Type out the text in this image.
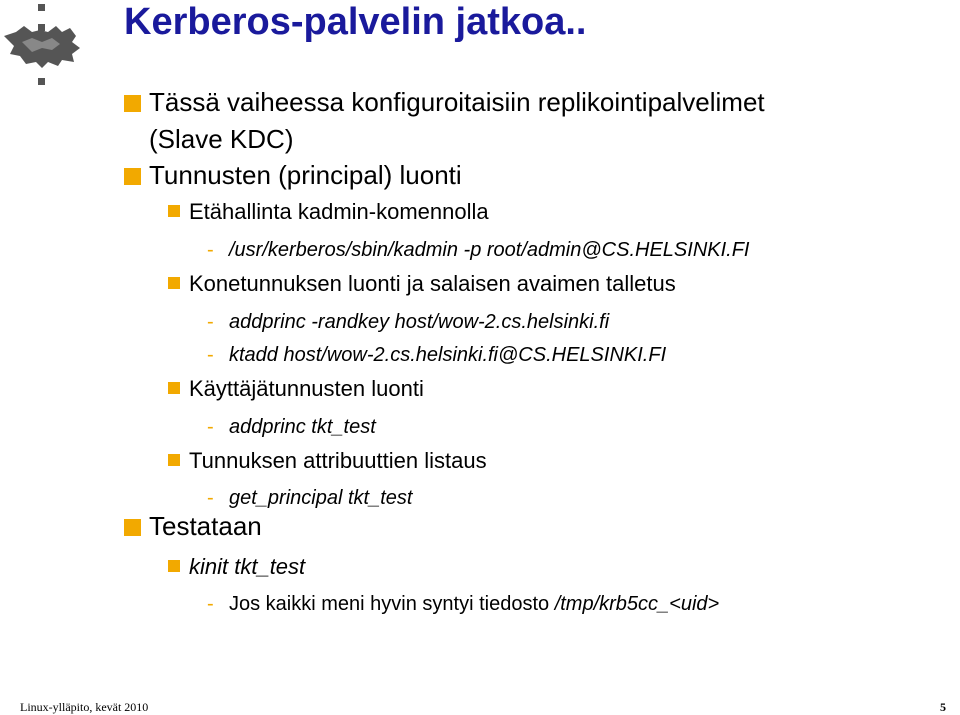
Kerberos-palvelin jatkoa..
Tässä vaiheessa konfiguroitaisiin replikointipalvelimet
(Slave KDC)
Tunnusten (principal) luonti
Etähallinta kadmin-komennolla
- /usr/kerberos/sbin/kadmin -p root/admin@CS.HELSINKI.FI
Konetunnuksen luonti ja salaisen avaimen talletus
- addprinc -randkey host/wow-2.cs.helsinki.fi
- ktadd host/wow-2.cs.helsinki.fi@CS.HELSINKI.FI
Käyttäjätunnusten luonti
- addprinc tkt_test
Tunnuksen attribuuttien listaus
- get_principal tkt_test
Testataan
kinit tkt_test
- Jos kaikki meni hyvin syntyi tiedosto /tmp/krb5cc_<uid>
Linux-ylläpito, kevät 2010	5
